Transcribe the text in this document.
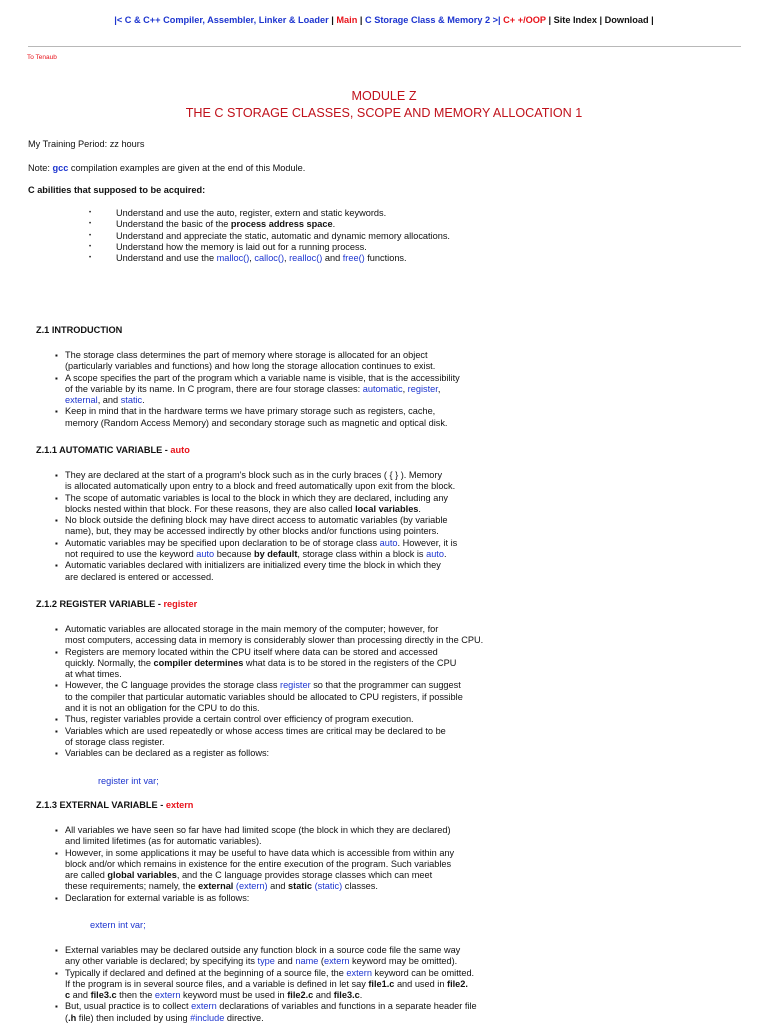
|< C & C++ Compiler, Assembler, Linker & Loader | Main | C Storage Class & Memory 2 >| C+ +/OOP | Site Index | Download |
To Tenaub
MODULE Z
THE C STORAGE CLASSES, SCOPE AND MEMORY ALLOCATION 1
My Training Period: zz hours
Note: gcc compilation examples are given at the end of this Module.
C abilities that supposed to be acquired:
• Understand and use the auto, register, extern and static keywords.
• Understand the basic of the process address space.
• Understand and appreciate the static, automatic and dynamic memory allocations.
• Understand how the memory is laid out for a running process.
• Understand and use the malloc(), calloc(), realloc() and free() functions.
Z.1 INTRODUCTION
▪ The storage class determines the part of memory where storage is allocated for an object
(particularly variables and functions) and how long the storage allocation continues to exist.
▪ A scope specifies the part of the program which a variable name is visible, that is the accessibility
of the variable by its name. In C program, there are four storage classes: automatic, register,
external, and static.
▪ Keep in mind that in the hardware terms we have primary storage such as registers, cache,
memory (Random Access Memory) and secondary storage such as magnetic and optical disk.
Z.1.1 AUTOMATIC VARIABLE - auto
▪ They are declared at the start of a program's block such as in the curly braces ( { } ). Memory
is allocated automatically upon entry to a block and freed automatically upon exit from the block.
▪ The scope of automatic variables is local to the block in which they are declared, including any
blocks nested within that block. For these reasons, they are also called local variables.
▪ No block outside the defining block may have direct access to automatic variables (by variable
name), but, they may be accessed indirectly by other blocks and/or functions using pointers.
▪ Automatic variables may be specified upon declaration to be of storage class auto. However, it is
not required to use the keyword auto because by default, storage class within a block is auto.
▪ Automatic variables declared with initializers are initialized every time the block in which they
are declared is entered or accessed.
Z.1.2 REGISTER VARIABLE - register
▪ Automatic variables are allocated storage in the main memory of the computer; however, for
most computers, accessing data in memory is considerably slower than processing directly in the CPU.
▪ Registers are memory located within the CPU itself where data can be stored and accessed
quickly. Normally, the compiler determines what data is to be stored in the registers of the CPU
at what times.
▪ However, the C language provides the storage class register so that the programmer can suggest
to the compiler that particular automatic variables should be allocated to CPU registers, if possible
and it is not an obligation for the CPU to do this.
▪ Thus, register variables provide a certain control over efficiency of program execution.
▪ Variables which are used repeatedly or whose access times are critical may be declared to be
of storage class register.
▪ Variables can be declared as a register as follows:
register int var;
Z.1.3 EXTERNAL VARIABLE - extern
▪ All variables we have seen so far have had limited scope (the block in which they are declared)
and limited lifetimes (as for automatic variables).
▪ However, in some applications it may be useful to have data which is accessible from within any
block and/or which remains in existence for the entire execution of the program. Such variables
are called global variables, and the C language provides storage classes which can meet
these requirements; namely, the external (extern) and static (static) classes.
▪ Declaration for external variable is as follows:
extern int var;
▪ External variables may be declared outside any function block in a source code file the same way
any other variable is declared; by specifying its type and name (extern keyword may be omitted).
▪ Typically if declared and defined at the beginning of a source file, the extern keyword can be omitted.
If the program is in several source files, and a variable is defined in let say file1.c and used in file2.
c and file3.c then the extern keyword must be used in file2.c and file3.c.
▪ But, usual practice is to collect extern declarations of variables and functions in a separate header file
(.h file) then included by using #include directive.
